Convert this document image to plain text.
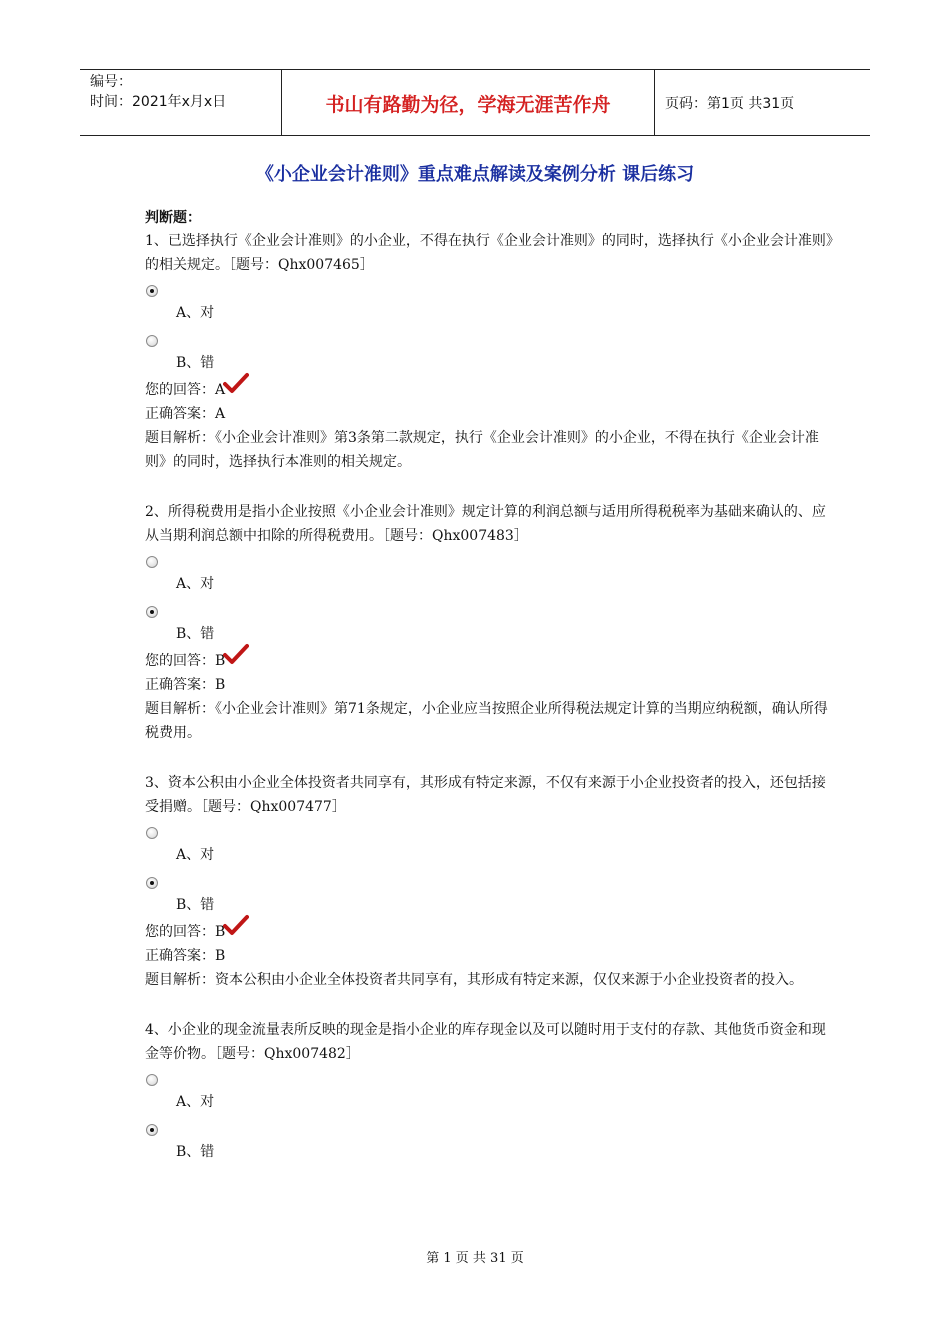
编号：
时间：2021年x月x日	书山有路勤为径，学海无涯苦作舟	页码：第1页 共31页
《小企业会计准则》重点难点解读及案例分析 课后练习
判断题：

1、已选择执行《企业会计准则》的小企业，不得在执行《企业会计准则》的同时，选择执行《小企业会计准则》的相关规定。［题号：Qhx007465］

A、对
B、错
您的回答：A
正确答案：A
题目解析：《小企业会计准则》第3条第二款规定，执行《企业会计准则》的小企业，不得在执行《企业会计准则》的同时，选择执行本准则的相关规定。

2、所得税费用是指小企业按照《小企业会计准则》规定计算的利润总额与适用所得税税率为基础来确认的、应从当期利润总额中扣除的所得税费用。［题号：Qhx007483］

A、对
B、错
您的回答：B
正确答案：B
题目解析：《小企业会计准则》第71条规定，小企业应当按照企业所得税法规定计算的当期应纳税额，确认所得税费用。

3、资本公积由小企业全体投资者共同享有，其形成有特定来源，不仅有来源于小企业投资者的投入，还包括接受捐赠。［题号：Qhx007477］

A、对
B、错
您的回答：B
正确答案：B
题目解析：资本公积由小企业全体投资者共同享有，其形成有特定来源，仅仅来源于小企业投资者的投入。

4、小企业的现金流量表所反映的现金是指小企业的库存现金以及可以随时用于支付的存款、其他货币资金和现金等价物。［题号：Qhx007482］

A、对
B、错
第 1 页 共 31 页
